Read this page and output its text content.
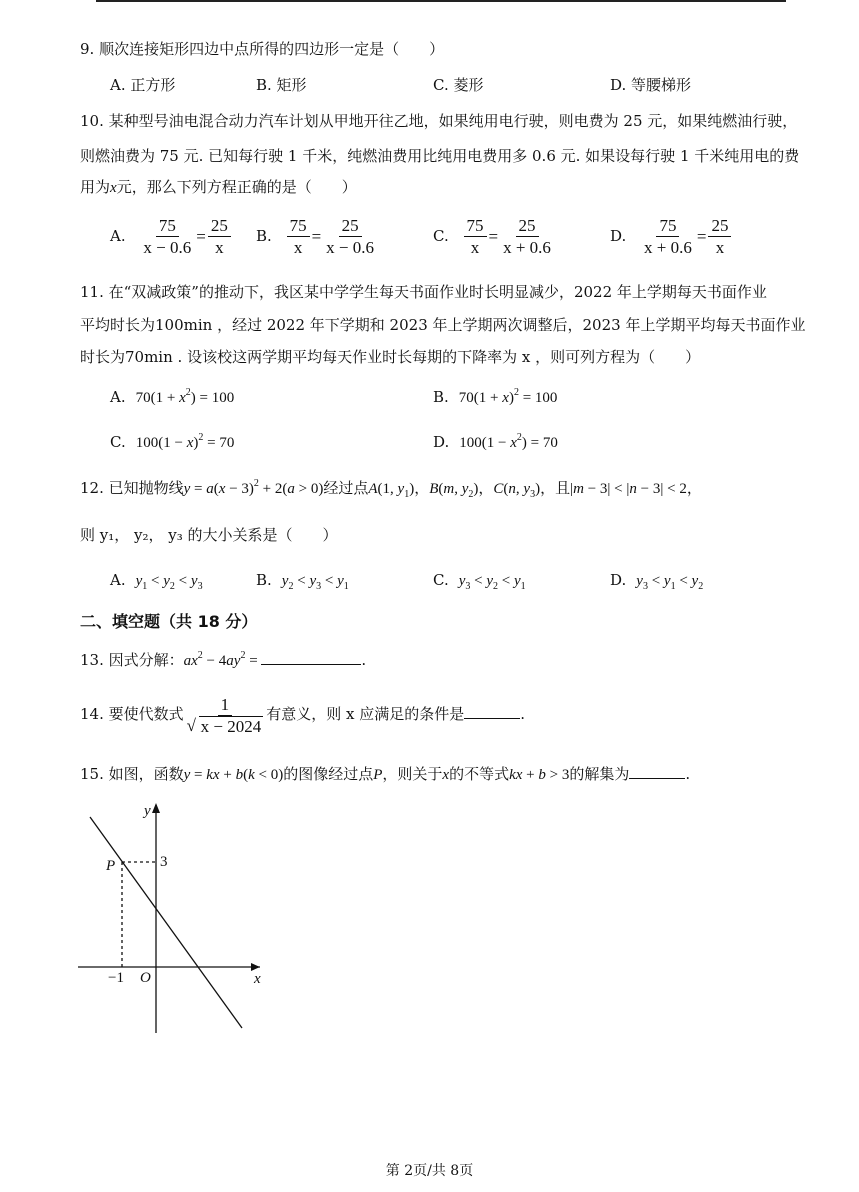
9. 顺次连接矩形四边中点所得的四边形一定是（　　）
A. 正方形	B. 矩形	C. 菱形	D. 等腰梯形
10. 某种型号油电混合动力汽车计划从甲地开往乙地，如果纯用电行驶，则电费为 25 元，如果纯燃油行驶，
则燃油费为 75 元. 已知每行驶 1 千米，纯燃油费用比纯用电费用多 0.6 元. 如果设每行驶 1 千米纯用电的费
用为x元，那么下列方程正确的是（　　）
A. $\frac{75}{x - 0.6} = \frac{25}{x} B$. $\frac{75}{x} = \frac{25}{x - 0.6}$	C. $\frac{75}{x} = \frac{25}{x + 0.6}$	D. $\frac{75}{x + 0.6} = \frac{25}{x}$
11. 在“双减政策”的推动下，我区某中学学生每天书面作业时长明显减少，2022 年上学期每天书面作业
平均时长为100min ，经过 2022 年下学期和 2023 年上学期两次调整后，2023 年上学期平均每天书面作业
时长为70min . 设该校这两学期平均每天作业时长每期的下降率为 x ，则可列方程为（　　）
A. $70(1 + x^2) = 100$	B. $70(1 + x)^2 = 100$
C. $100(1 - x)^2 = 70$	D. $100(1 - x^2) = 70$
12. 已知抛物线$y = a(x - 3)^2 + 2(a > 0)$经过点A(1, $y_1$)，B(m, $y_2$)，C(n, $y_3$)，且|m − 3| < |n − 3| < 2，
则 y₁， y₂， y₃ 的大小关系是（　　）
A. $y_1 < y_2 < y_3$	B. $y_2 < y_3 < y_1$	C. $y_3 < y_2 < y_1$	D. $y_3 < y_1 < y_2$
二、填空题（共 18 分）
13. 因式分解：$ax^2 - 4ay^2$ =	.
14. 要使代数式 1
√ x − 2024 有意义，则 x 应满足的条件是	.
15. 如图，函数y = kx + b(k < 0)的图像经过点P，则关于x的不等式kx + b > 3的解集为	.
y
x
O
P	3
−1
第 2页/共 8页
